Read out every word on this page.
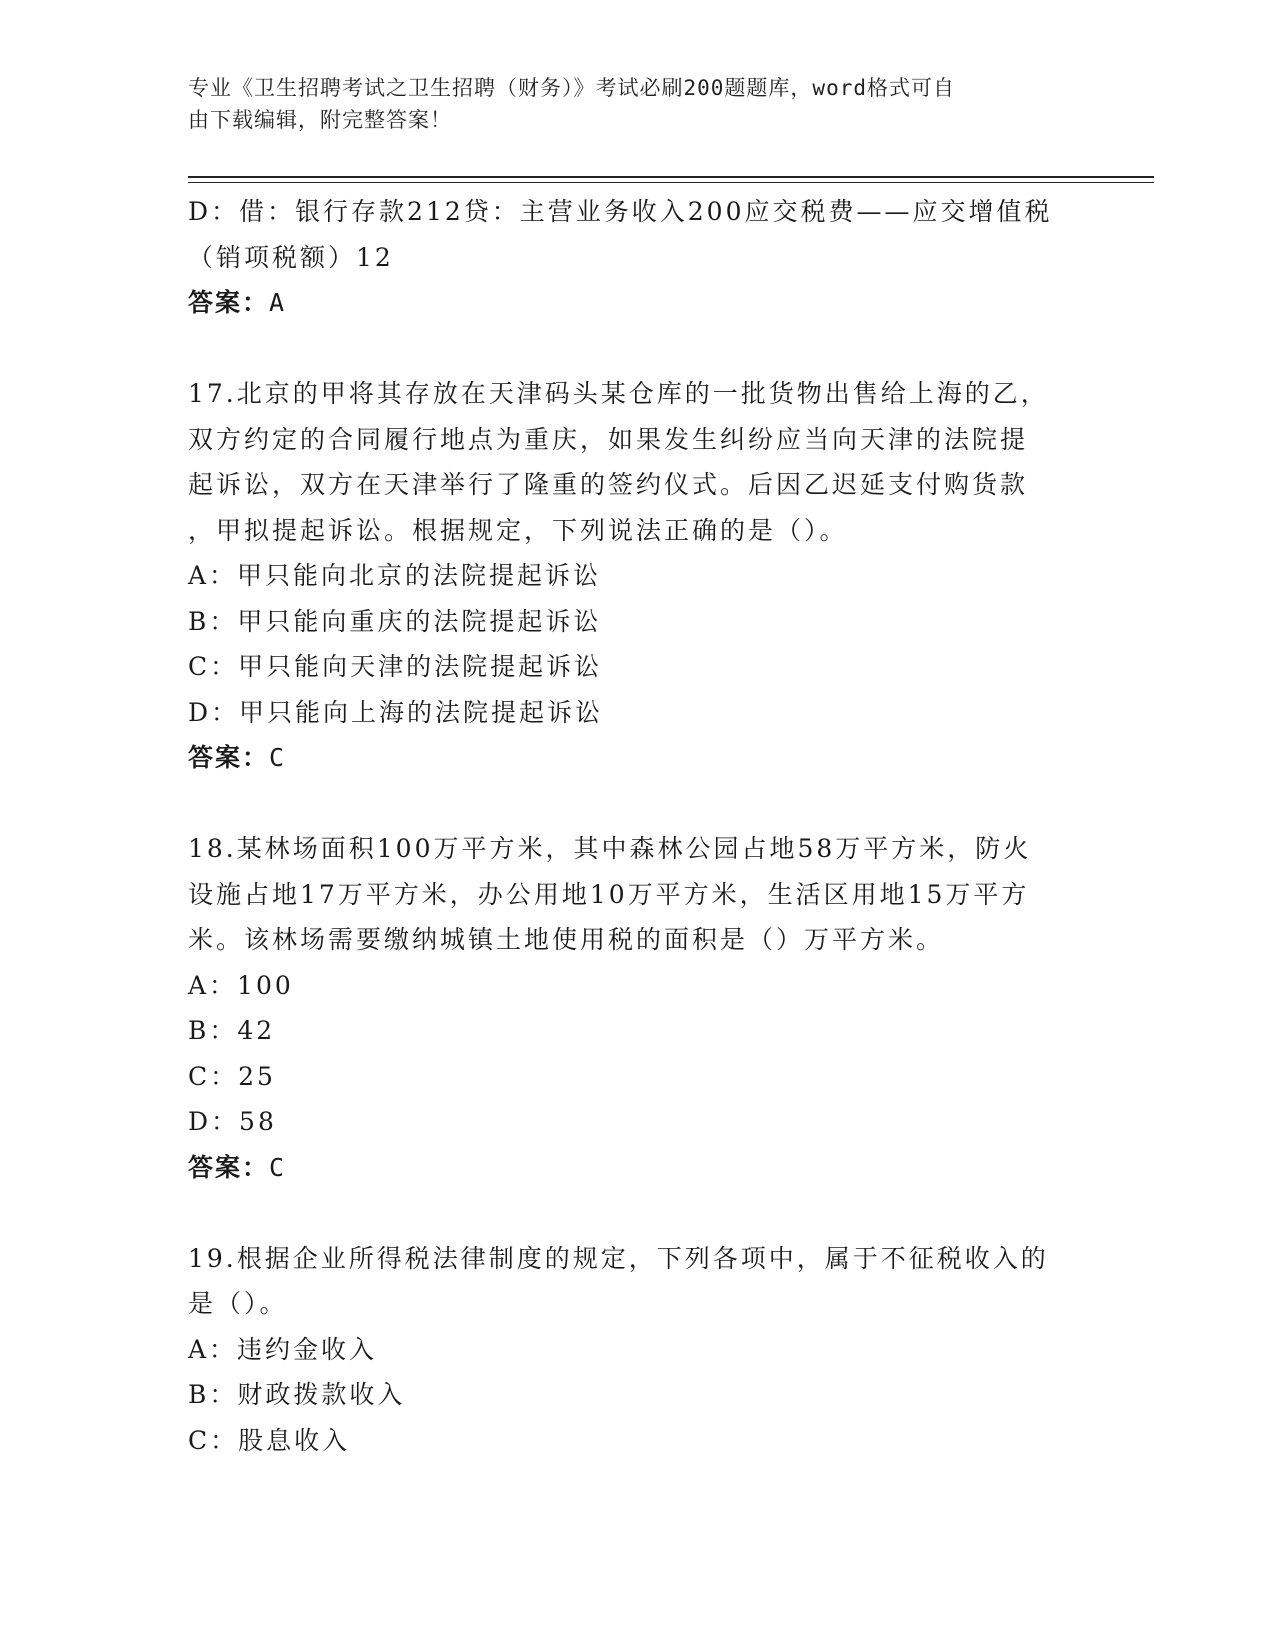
专业《卫生招聘考试之卫生招聘（财务）》考试必刷200题题库，word格式可自
由下载编辑，附完整答案！
D：借：银行存款212贷：主营业务收入200应交税费——应交增值税
（销项税额）12
答案：A
17.北京的甲将其存放在天津码头某仓库的一批货物出售给上海的乙，
双方约定的合同履行地点为重庆，如果发生纠纷应当向天津的法院提
起诉讼，双方在天津举行了隆重的签约仪式。后因乙迟延支付购货款
，甲拟提起诉讼。根据规定，下列说法正确的是（）。
A：甲只能向北京的法院提起诉讼
B：甲只能向重庆的法院提起诉讼
C：甲只能向天津的法院提起诉讼
D：甲只能向上海的法院提起诉讼
答案：C
18.某林场面积100万平方米，其中森林公园占地58万平方米，防火
设施占地17万平方米，办公用地10万平方米，生活区用地15万平方
米。该林场需要缴纳城镇土地使用税的面积是（）万平方米。
A：100
B：42
C：25
D：58
答案：C
19.根据企业所得税法律制度的规定，下列各项中，属于不征税收入的
是（）。
A：违约金收入
B：财政拨款收入
C：股息收入
